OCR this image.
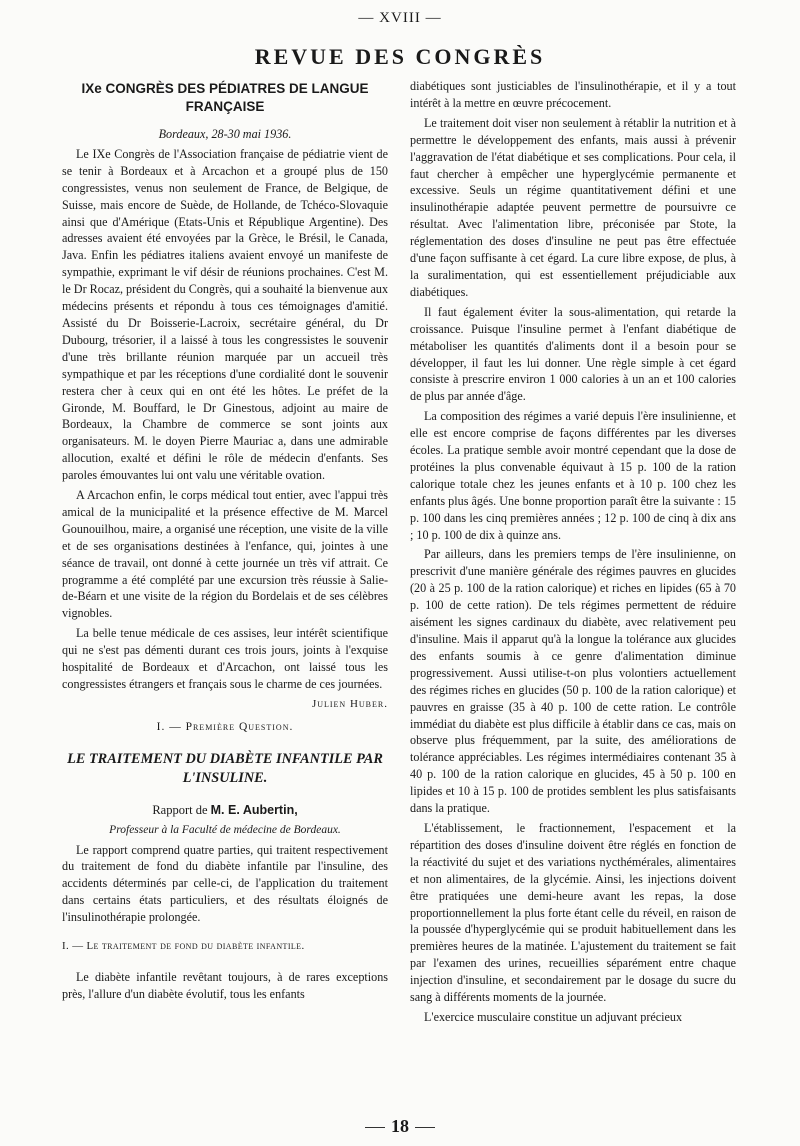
— XVIII —
REVUE DES CONGRÈS
IXe CONGRÈS DES PÉDIATRES DE LANGUE FRANÇAISE

Bordeaux, 28-30 mai 1936.

Le IXe Congrès de l'Association française de pédiatrie vient de se tenir à Bordeaux et à Arcachon et a groupé plus de 150 congressistes, venus non seulement de France, de Belgique, de Suisse, mais encore de Suède, de Hollande, de Tchéco-Slovaquie ainsi que d'Amérique (Etats-Unis et République Argentine). Des adresses avaient été envoyées par la Grèce, le Brésil, le Canada, Java. Enfin les pédiatres italiens avaient envoyé un manifeste de sympathie, exprimant le vif désir de réunions prochaines. C'est M. le Dr Rocaz, président du Congrès, qui a souhaité la bienvenue aux médecins présents et répondu à tous ces témoignages d'amitié. Assisté du Dr Boisserie-Lacroix, secrétaire général, du Dr Dubourg, trésorier, il a laissé à tous les congressistes le souvenir d'une très brillante réunion marquée par un accueil très sympathique et par les réceptions d'une cordialité dont le souvenir restera cher à ceux qui en ont été les hôtes. Le préfet de la Gironde, M. Bouffard, le Dr Ginestous, adjoint au maire de Bordeaux, la Chambre de commerce se sont joints aux organisateurs. M. le doyen Pierre Mauriac a, dans une admirable allocution, exalté et défini le rôle de médecin d'enfants. Ses paroles émouvantes lui ont valu une véritable ovation.

A Arcachon enfin, le corps médical tout entier, avec l'appui très amical de la municipalité et la présence effective de M. Marcel Gounouilhou, maire, a organisé une réception, une visite de la ville et de ses organisations destinées à l'enfance, qui, jointes à une séance de travail, ont donné à cette journée un très vif attrait. Ce programme a été complété par une excursion très réussie à Salie-de-Béarn et une visite de la région du Bordelais et de ses célèbres vignobles.

La belle tenue médicale de ces assises, leur intérêt scientifique qui ne s'est pas démenti durant ces trois jours, joints à l'exquise hospitalité de Bordeaux et d'Arcachon, ont laissé tous les congressistes étrangers et français sous le charme de ces journées.

Julien Huber.

I. — Première Question.
LE TRAITEMENT DU DIABÈTE INFANTILE PAR L'INSULINE.

Rapport de M. E. Aubertin,

Professeur à la Faculté de médecine de Bordeaux.

Le rapport comprend quatre parties, qui traitent respectivement du traitement de fond du diabète infantile par l'insuline, des accidents déterminés par celle-ci, de l'application du traitement dans certains états particuliers, et des résultats éloignés de l'insulinothérapie prolongée.

I. — Le traitement de fond du diabète infantile.

Le diabète infantile revêtant toujours, à de rares exceptions près, l'allure d'un diabète évolutif, tous les enfants

diabétiques sont justiciables de l'insulinothérapie, et il y a tout intérêt à la mettre en œuvre précocement.

Le traitement doit viser non seulement à rétablir la nutrition et à permettre le développement des enfants, mais aussi à prévenir l'aggravation de l'état diabétique et ses complications. Pour cela, il faut chercher à empêcher une hyperglycémie permanente et excessive. Seuls un régime quantitativement défini et une insulinothérapie adaptée peuvent permettre de poursuivre ce résultat. Avec l'alimentation libre, préconisée par Stote, la réglementation des doses d'insuline ne peut pas être effectuée d'une façon suffisante à cet égard. La cure libre expose, de plus, à la suralimentation, qui est essentiellement préjudiciable aux diabétiques.

Il faut également éviter la sous-alimentation, qui retarde la croissance. Puisque l'insuline permet à l'enfant diabétique de métaboliser les quantités d'aliments dont il a besoin pour se développer, il faut les lui donner. Une règle simple à cet égard consiste à prescrire environ 1 000 calories à un an et 100 calories de plus par année d'âge.

La composition des régimes a varié depuis l'ère insulinienne, et elle est encore comprise de façons différentes par les diverses écoles. La pratique semble avoir montré cependant que la dose de protéines la plus convenable équivaut à 15 p. 100 de la ration calorique totale chez les jeunes enfants et à 10 p. 100 chez les enfants plus âgés. Une bonne proportion paraît être la suivante : 15 p. 100 dans les cinq premières années ; 12 p. 100 de cinq à dix ans ; 10 p. 100 de dix à quinze ans.

Par ailleurs, dans les premiers temps de l'ère insulinienne, on prescrivit d'une manière générale des régimes pauvres en glucides (20 à 25 p. 100 de la ration calorique) et riches en lipides (65 à 70 p. 100 de cette ration). De tels régimes permettent de réduire aisément les signes cardinaux du diabète, avec relativement peu d'insuline. Mais il apparut qu'à la longue la tolérance aux glucides des enfants soumis à ce genre d'alimentation diminue progressivement. Aussi utilise-t-on plus volontiers actuellement des régimes riches en glucides (50 p. 100 de la ration calorique) et pauvres en graisse (35 à 40 p. 100 de cette ration. Le contrôle immédiat du diabète est plus difficile à établir dans ce cas, mais on observe plus fréquemment, par la suite, des améliorations de tolérance appréciables. Les régimes intermédiaires contenant 35 à 40 p. 100 de la ration calorique en glucides, 45 à 50 p. 100 en lipides et 10 à 15 p. 100 de protides semblent les plus satisfaisants dans la pratique.

L'établissement, le fractionnement, l'espacement et la répartition des doses d'insuline doivent être réglés en fonction de la réactivité du sujet et des variations nycthémérales, alimentaires et non alimentaires, de la glycémie. Ainsi, les injections doivent être pratiquées une demi-heure avant les repas, la dose proportionnellement la plus forte étant celle du réveil, en raison de la poussée d'hyperglycémie qui se produit habituellement dans les premières heures de la matinée. L'ajustement du traitement se fait par l'examen des urines, recueillies séparément entre chaque injection d'insuline, et secondairement par le dosage du sucre du sang à différents moments de la journée.

L'exercice musculaire constitue un adjuvant précieux

18
